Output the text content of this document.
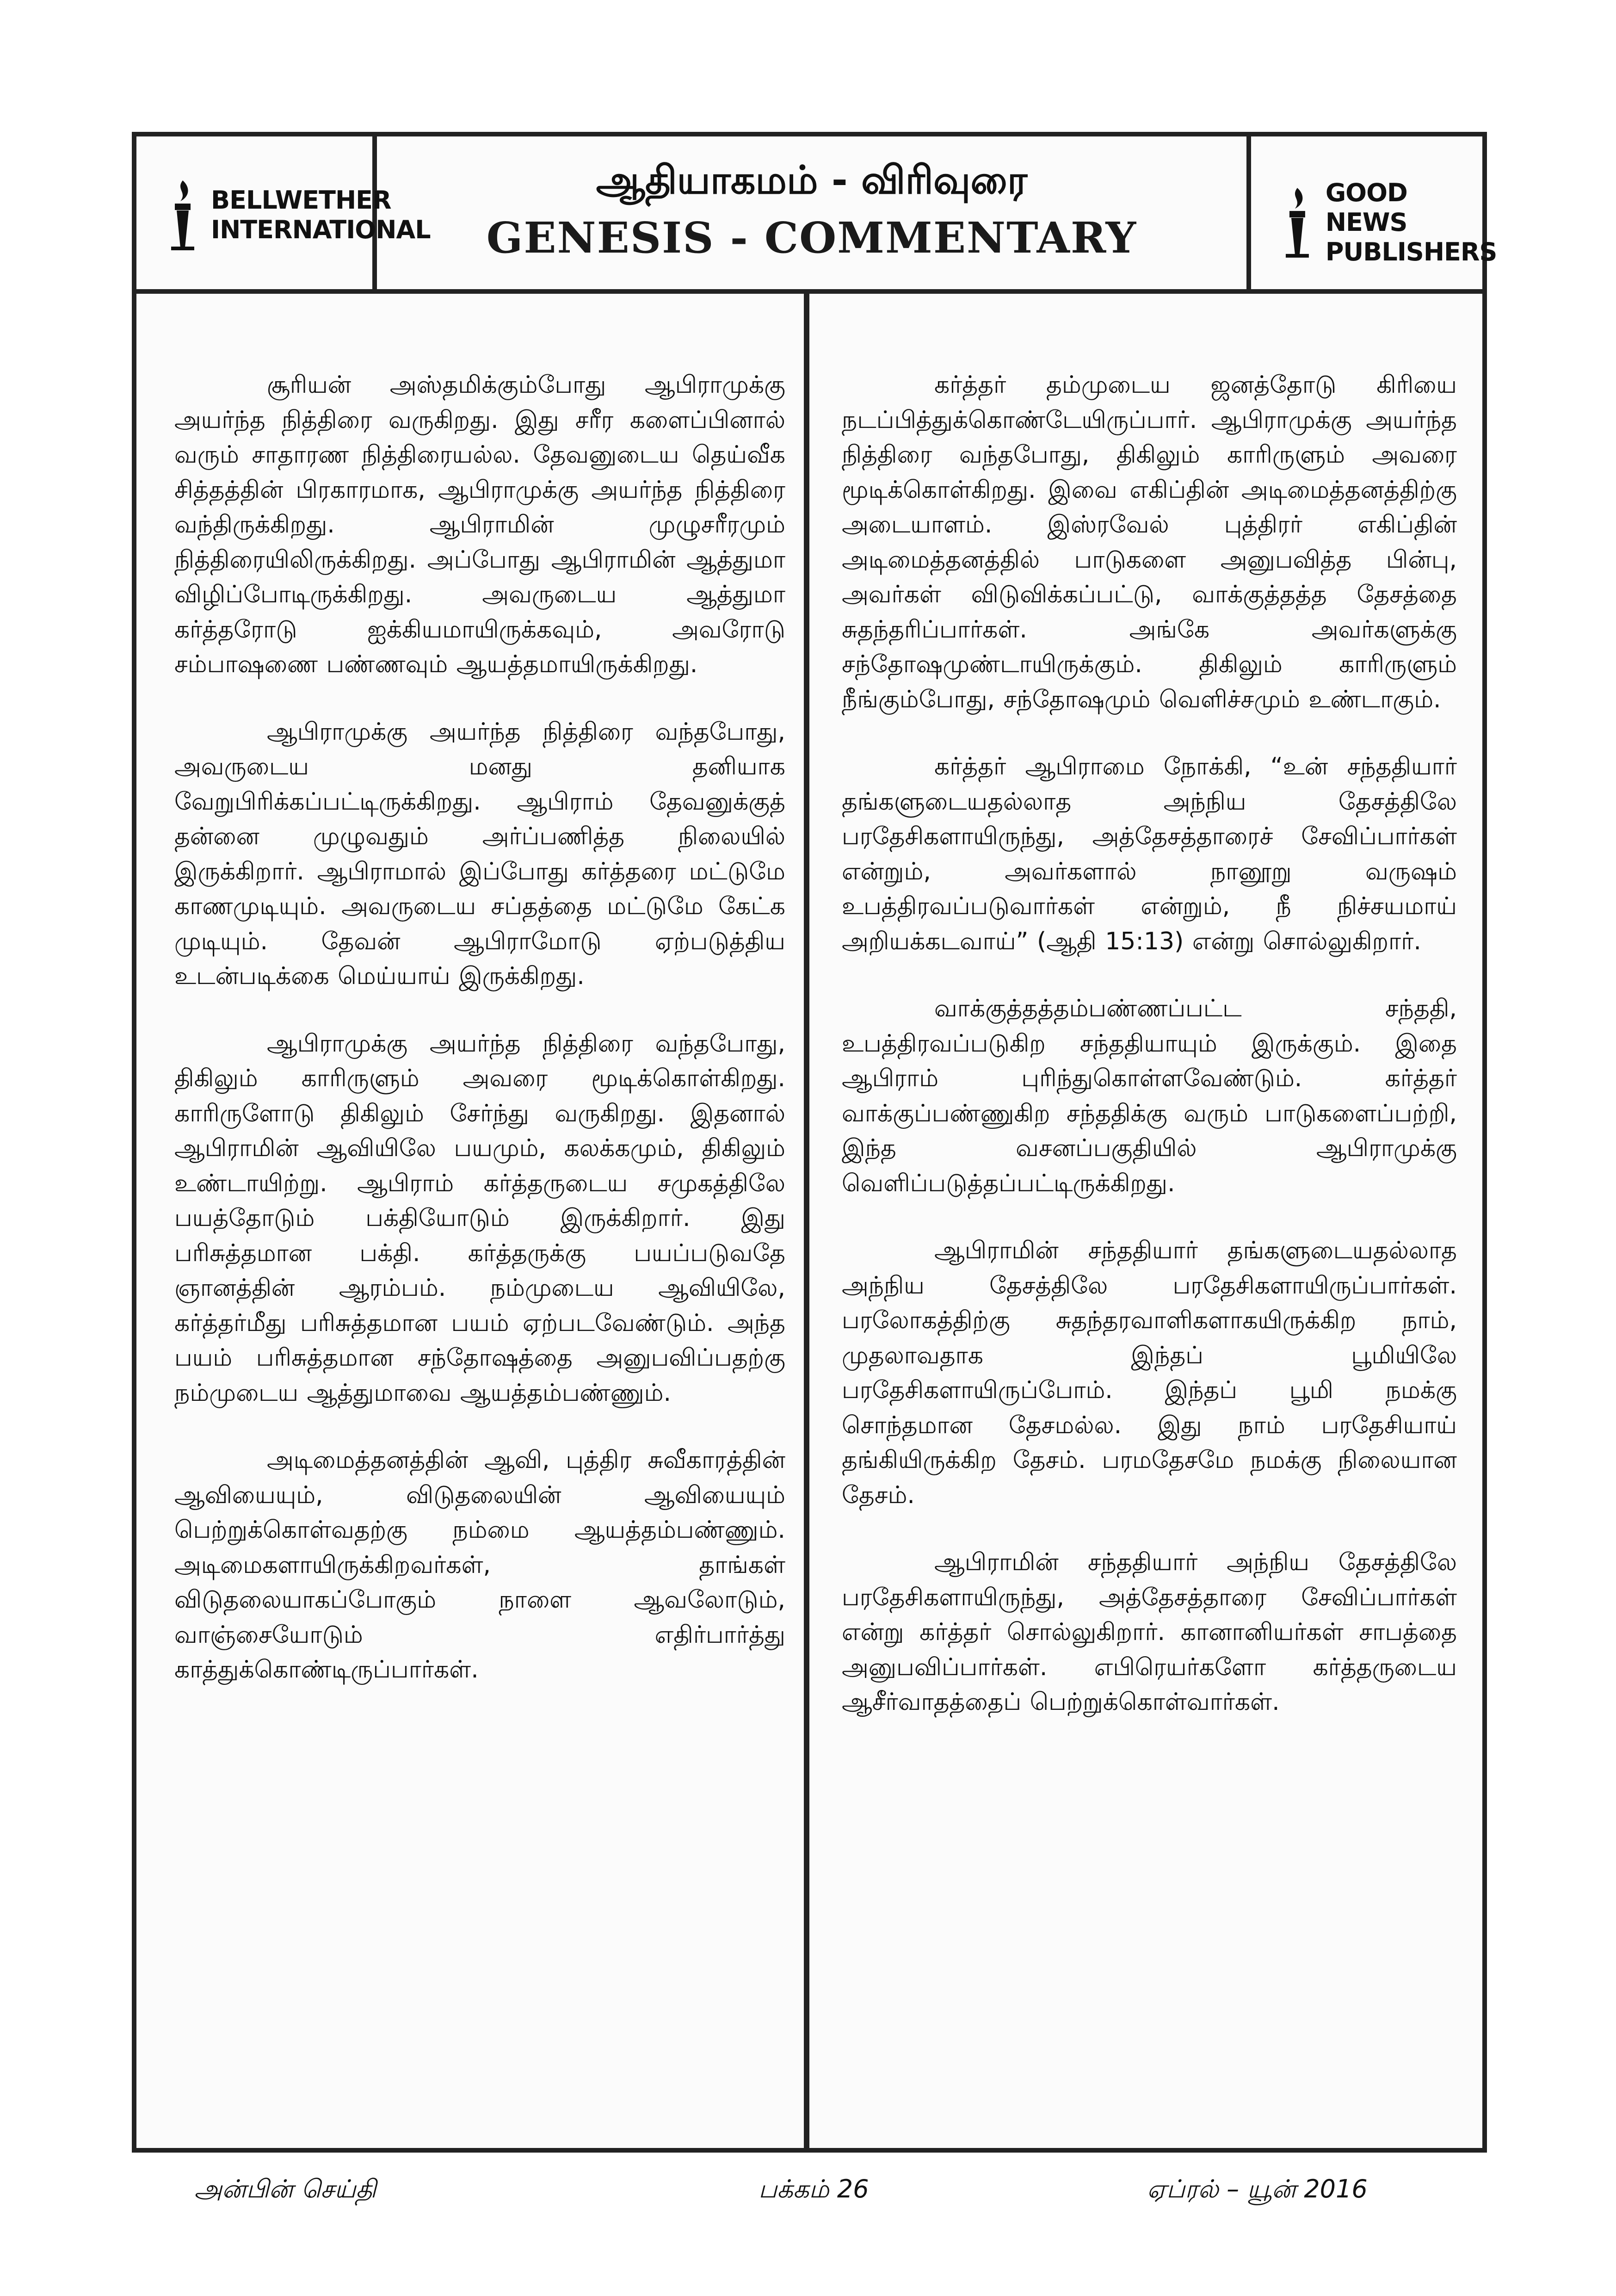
BELLWETHER
INTERNATIONAL
ஆதியாகமம் - விரிவுரை
GENESIS - COMMENTARY
GOOD NEWS
PUBLISHERS

சூரியன் அஸ்தமிக்கும்போது ஆபிராமுக்கு அயர்ந்த நித்திரை வருகிறது. இது சரீர களைப்பினால் வரும் சாதாரண நித்திரையல்ல. தேவனுடைய தெய்வீக சித்தத்தின் பிரகாரமாக, ஆபிராமுக்கு அயர்ந்த நித்திரை வந்திருக்கிறது. ஆபிராமின் முழுசரீரமும் நித்திரையிலிருக்கிறது. அப்போது ஆபிராமின் ஆத்துமா விழிப்போடிருக்கிறது. அவருடைய ஆத்துமா கர்த்தரோடு ஐக்கியமாயிருக்கவும், அவரோடு சம்பாஷணை பண்ணவும் ஆயத்தமாயிருக்கிறது.

ஆபிராமுக்கு அயர்ந்த நித்திரை வந்தபோது, அவருடைய மனது தனியாக வேறுபிரிக்கப்பட்டிருக்கிறது. ஆபிராம் தேவனுக்குத் தன்னை முழுவதும் அர்ப்பணித்த நிலையில் இருக்கிறார். ஆபிராமால் இப்போது கர்த்தரை மட்டுமே காணமுடியும். அவருடைய சப்தத்தை மட்டுமே கேட்க முடியும். தேவன் ஆபிராமோடு ஏற்படுத்திய உடன்படிக்கை மெய்யாய் இருக்கிறது.

ஆபிராமுக்கு அயர்ந்த நித்திரை வந்தபோது, திகிலும் காரிருளும் அவரை மூடிக்கொள்கிறது. காரிருளோடு திகிலும் சேர்ந்து வருகிறது. இதனால் ஆபிராமின் ஆவியிலே பயமும், கலக்கமும், திகிலும் உண்டாயிற்று. ஆபிராம் கர்த்தருடைய சமுகத்திலே பயத்தோடும் பக்தியோடும் இருக்கிறார். இது பரிசுத்தமான பக்தி. கர்த்தருக்கு பயப்படுவதே ஞானத்தின் ஆரம்பம். நம்முடைய ஆவியிலே, கர்த்தர்மீது பரிசுத்தமான பயம் ஏற்படவேண்டும். அந்த பயம் பரிசுத்தமான சந்தோஷத்தை அனுபவிப்பதற்கு நம்முடைய ஆத்துமாவை ஆயத்தம்பண்ணும்.

அடிமைத்தனத்தின் ஆவி, புத்திர சுவீகாரத்தின் ஆவியையும், விடுதலையின் ஆவியையும் பெற்றுக்கொள்வதற்கு நம்மை ஆயத்தம்பண்ணும். அடிமைகளாயிருக்கிறவர்கள், தாங்கள் விடுதலையாகப்போகும் நாளை ஆவலோடும், வாஞ்சையோடும் எதிர்பார்த்து காத்துக்கொண்டிருப்பார்கள்.

கர்த்தர் தம்முடைய ஜனத்தோடு கிரியை நடப்பித்துக்கொண்டேயிருப்பார். ஆபிராமுக்கு அயர்ந்த நித்திரை வந்தபோது, திகிலும் காரிருளும் அவரை மூடிக்கொள்கிறது. இவை எகிப்தின் அடிமைத்தனத்திற்கு அடையாளம். இஸ்ரவேல் புத்திரர் எகிப்தின் அடிமைத்தனத்தில் பாடுகளை அனுபவித்த பின்பு, அவர்கள் விடுவிக்கப்பட்டு, வாக்குத்தத்த தேசத்தை சுதந்தரிப்பார்கள். அங்கே அவர்களுக்கு சந்தோஷமுண்டாயிருக்கும். திகிலும் காரிருளும் நீங்கும்போது, சந்தோஷமும் வெளிச்சமும் உண்டாகும்.

கர்த்தர் ஆபிராமை நோக்கி, “உன் சந்ததியார் தங்களுடையதல்லாத அந்நிய தேசத்திலே பரதேசிகளாயிருந்து, அத்தேசத்தாரைச் சேவிப்பார்கள் என்றும், அவர்களால் நானூறு வருஷம் உபத்திரவப்படுவார்கள் என்றும், நீ நிச்சயமாய் அறியக்கடவாய்” (ஆதி 15:13) என்று சொல்லுகிறார்.

வாக்குத்தத்தம்பண்ணப்பட்ட சந்ததி, உபத்திரவப்படுகிற சந்ததியாயும் இருக்கும். இதை ஆபிராம் புரிந்துகொள்ளவேண்டும். கர்த்தர் வாக்குப்பண்ணுகிற சந்ததிக்கு வரும் பாடுகளைப்பற்றி, இந்த வசனப்பகுதியில் ஆபிராமுக்கு வெளிப்படுத்தப்பட்டிருக்கிறது.

ஆபிராமின் சந்ததியார் தங்களுடையதல்லாத அந்நிய தேசத்திலே பரதேசிகளாயிருப்பார்கள். பரலோகத்திற்கு சுதந்தரவாளிகளாகயிருக்கிற நாம், முதலாவதாக இந்தப் பூமியிலே பரதேசிகளாயிருப்போம். இந்தப் பூமி நமக்கு சொந்தமான தேசமல்ல. இது நாம் பரதேசியாய் தங்கியிருக்கிற தேசம். பரமதேசமே நமக்கு நிலையான தேசம்.

ஆபிராமின் சந்ததியார் அந்நிய தேசத்திலே பரதேசிகளாயிருந்து, அத்தேசத்தாரை சேவிப்பார்கள் என்று கர்த்தர் சொல்லுகிறார். கானானியர்கள் சாபத்தை அனுபவிப்பார்கள். எபிரெயர்களோ கர்த்தருடைய ஆசீர்வாதத்தைப் பெற்றுக்கொள்வார்கள்.

அன்பின் செய்தி	பக்கம் 26	ஏப்ரல் – யூன் 2016
